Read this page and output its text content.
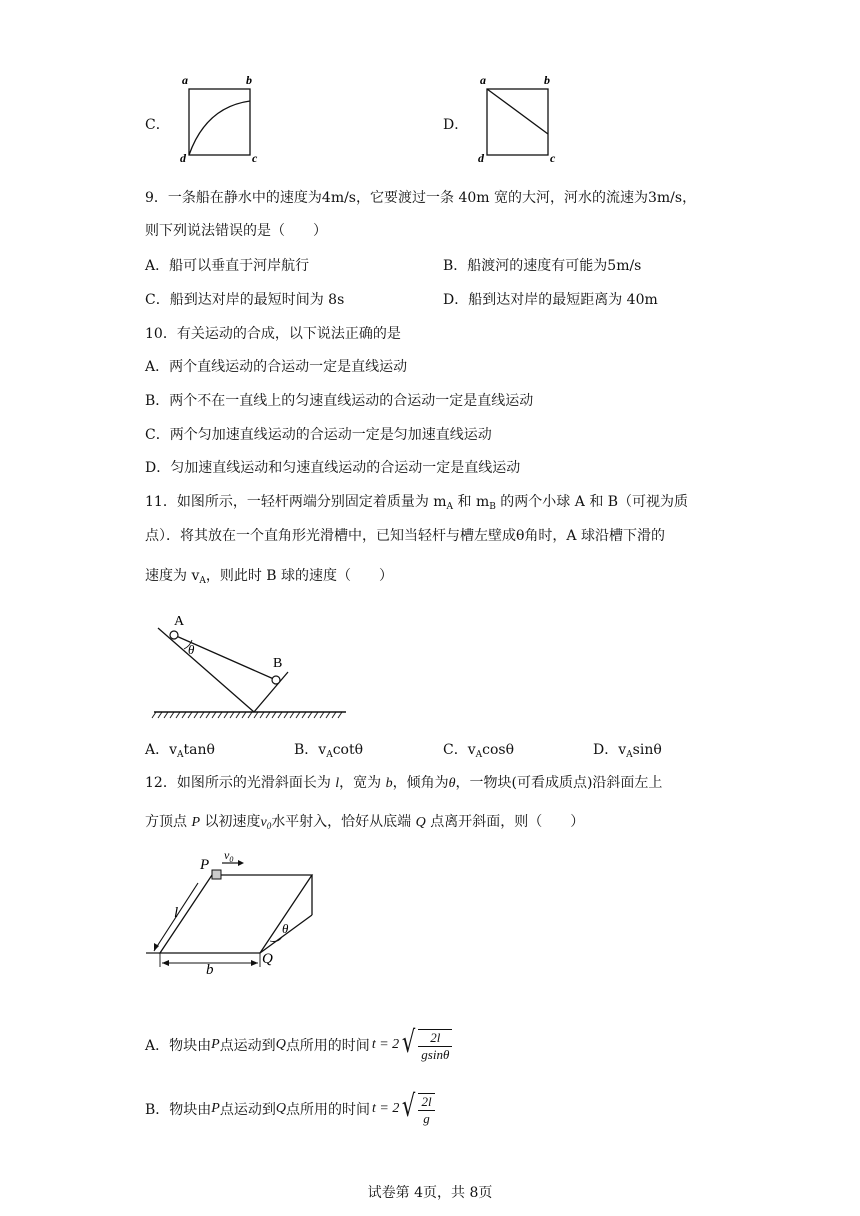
C．
a	b
d	c
D．
a	b
d	c
9．一条船在静水中的速度为4m/s，它要渡过一条 40m 宽的大河，河水的流速为3m/s，
则下列说法错误的是（　　）
A．船可以垂直于河岸航行	B．船渡河的速度有可能为5m/s
C．船到达对岸的最短时间为 8s	D．船到达对岸的最短距离为 40m
10．有关运动的合成，以下说法正确的是
A．两个直线运动的合运动一定是直线运动
B．两个不在一直线上的匀速直线运动的合运动一定是直线运动
C．两个匀加速直线运动的合运动一定是匀加速直线运动
D．匀加速直线运动和匀速直线运动的合运动一定是直线运动
11．如图所示，一轻杆两端分别固定着质量为 $m_A$ 和 $m_B$ 的两个小球 A 和 B（可视为质
点）．将其放在一个直角形光滑槽中，已知当轻杆与槽左壁成θ角时，A 球沿槽下滑的
速度为 $v_A$，则此时 B 球的速度（　　）
A
B
θ
A．$v_A\tan\theta$	B．$v_A\cot\theta$	C．$v_A\cos\theta$	D．$v_A\sin\theta$
12．如图所示的光滑斜面长为 l，宽为 b，倾角为θ，一物块(可看成质点)沿斜面左上
方顶点 P 以初速度$v_0$水平射入，恰好从底端 Q 点离开斜面，则（　　）
P
$v_0$
l
b
Q
θ
A．物块由 P 点运动到 Q 点所用的时间 t = 2 √ $\frac{2l}{gsin\theta}$
B．物块由 P 点运动到 Q 点所用的时间 t = 2 √ $\frac{2l}{g}$
试卷第 4页，共 8页
